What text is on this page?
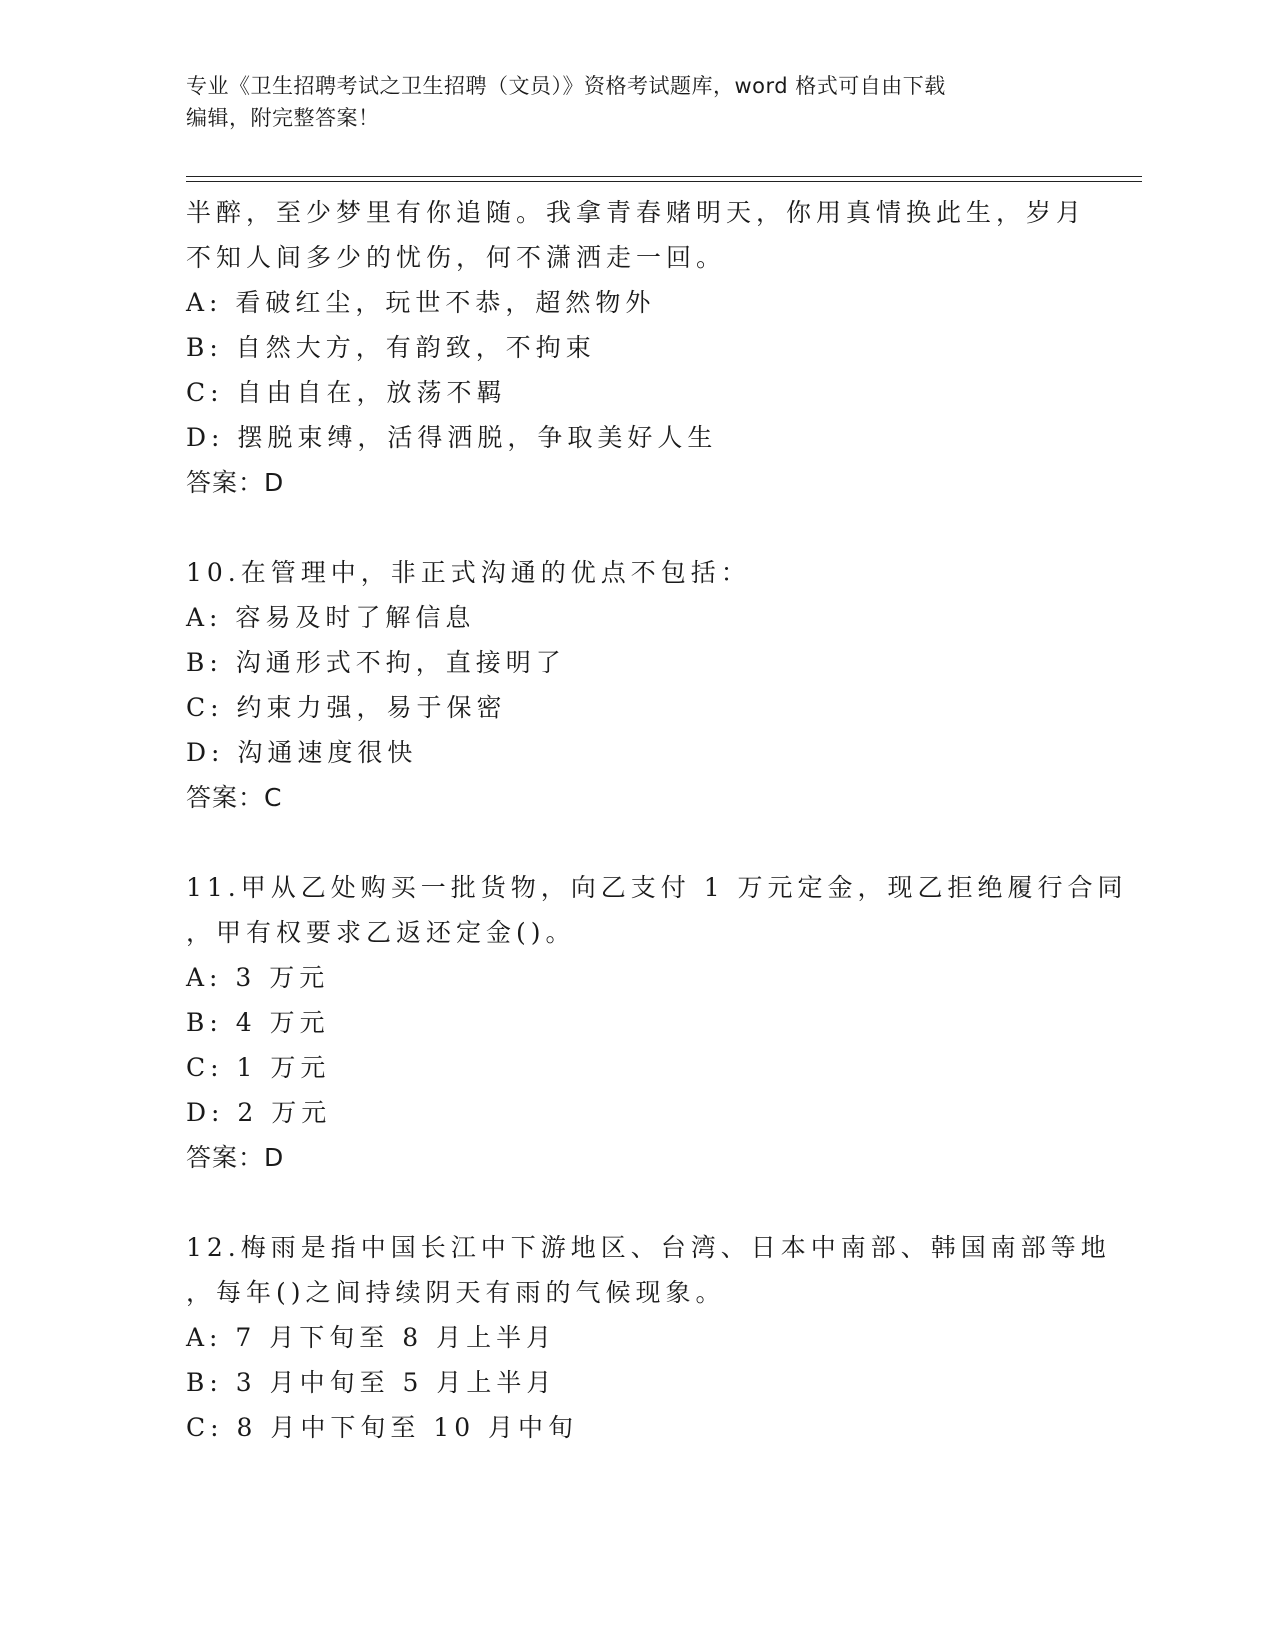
专业《卫生招聘考试之卫生招聘（文员）》资格考试题库，word 格式可自由下载
编辑，附完整答案！
半醉，至少梦里有你追随。我拿青春赌明天，你用真情换此生，岁月
不知人间多少的忧伤，何不潇洒走一回。
A: 看破红尘，玩世不恭，超然物外
B: 自然大方，有韵致，不拘束
C: 自由自在，放荡不羁
D: 摆脱束缚，活得洒脱，争取美好人生
答案：D
10.在管理中，非正式沟通的优点不包括：
A: 容易及时了解信息
B: 沟通形式不拘，直接明了
C: 约束力强，易于保密
D: 沟通速度很快
答案：C
11.甲从乙处购买一批货物，向乙支付 1 万元定金，现乙拒绝履行合同
，甲有权要求乙返还定金()。
A: 3 万元
B: 4 万元
C: 1 万元
D: 2 万元
答案：D
12.梅雨是指中国长江中下游地区、台湾、日本中南部、韩国南部等地
，每年()之间持续阴天有雨的气候现象。
A: 7 月下旬至 8 月上半月
B: 3 月中旬至 5 月上半月
C: 8 月中下旬至 10 月中旬
